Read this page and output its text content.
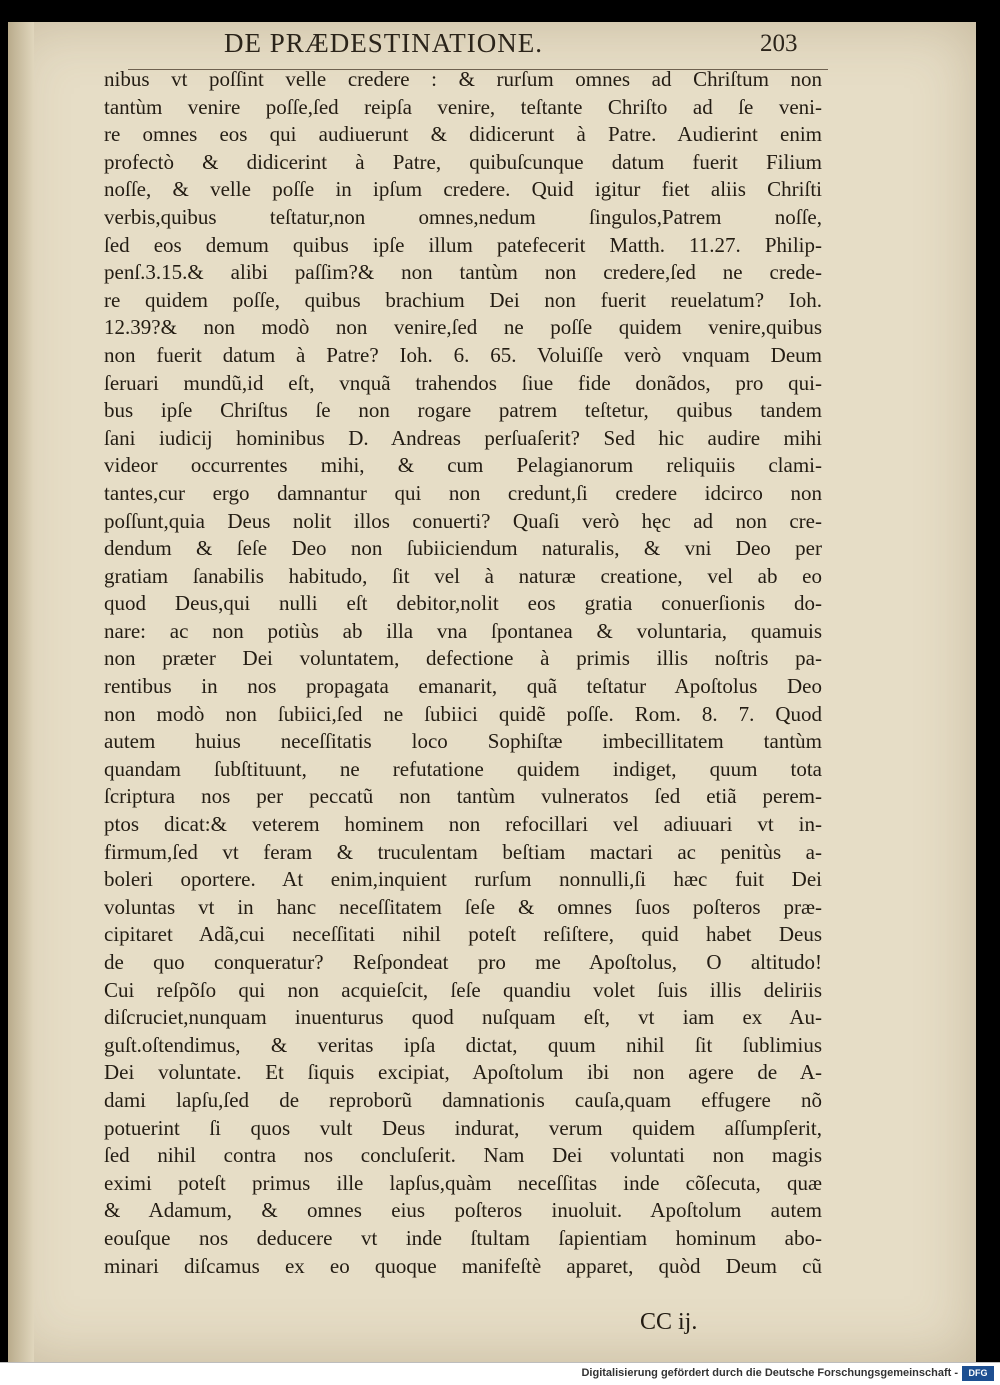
DE PRÆDESTINATIONE.	203
nibus vt poſſint velle credere : & rurſum omnes ad Chriſtum non
tantùm venire poſſe,ſed reipſa venire, teſtante Chriſto ad ſe veni-
re omnes eos qui audiuerunt & didicerunt à Patre. Audierint enim
profectò & didicerint à Patre, quibuſcunque datum fuerit Filium
noſſe, & velle poſſe in ipſum credere. Quid igitur fiet aliis Chriſti
verbis,quibus teſtatur,non omnes,nedum ſingulos,Patrem noſſe,
ſed eos demum quibus ipſe illum patefecerit Matth. 11.27. Philip-
penſ.3.15.& alibi paſſim?& non tantùm non credere,ſed ne crede-
re quidem poſſe, quibus brachium Dei non fuerit reuelatum? Ioh.
12.39?& non modò non venire,ſed ne poſſe quidem venire,quibus
non fuerit datum à Patre? Ioh. 6. 65. Voluiſſe verò vnquam Deum
ſeruari mundũ,id eſt, vnquã trahendos ſiue fide donãdos, pro qui-
bus ipſe Chriſtus ſe non rogare patrem teſtetur, quibus tandem
ſani iudicij hominibus D. Andreas perſuaſerit? Sed hic audire mihi
videor occurrentes mihi, & cum Pelagianorum reliquiis clami-
tantes,cur ergo damnantur qui non credunt,ſi credere idcirco non
poſſunt,quia Deus nolit illos conuerti? Quaſi verò hęc ad non cre-
dendum & ſeſe Deo non ſubiiciendum naturalis, & vni Deo per
gratiam ſanabilis habitudo, ſit vel à naturæ creatione, vel ab eo
quod Deus,qui nulli eſt debitor,nolit eos gratia conuerſionis do-
nare: ac non potiùs ab illa vna ſpontanea & voluntaria, quamuis
non præter Dei voluntatem, defectione à primis illis noſtris pa-
rentibus in nos propagata emanarit, quã teſtatur Apoſtolus Deo
non modò non ſubiici,ſed ne ſubiici quidẽ poſſe. Rom. 8. 7. Quod
autem huius neceſſitatis loco Sophiſtæ imbecillitatem tantùm
quandam ſubſtituunt, ne refutatione quidem indiget, quum tota
ſcriptura nos per peccatũ non tantùm vulneratos ſed etiã perem-
ptos dicat:& veterem hominem non refocillari vel adiuuari vt in-
firmum,ſed vt feram & truculentam beſtiam mactari ac penitùs a-
boleri oportere. At enim,inquient rurſum nonnulli,ſi hæc fuit Dei
voluntas vt in hanc neceſſitatem ſeſe & omnes ſuos poſteros præ-
cipitaret Adã,cui neceſſitati nihil poteſt reſiſtere, quid habet Deus
de quo conqueratur? Reſpondeat pro me Apoſtolus, O altitudo!
Cui reſpõſo qui non acquieſcit, ſeſe quandiu volet ſuis illis deliriis
diſcruciet,nunquam inuenturus quod nuſquam eſt, vt iam ex Au-
guſt.oſtendimus, & veritas ipſa dictat, quum nihil ſit ſublimius
Dei voluntate. Et ſiquis excipiat, Apoſtolum ibi non agere de A-
dami lapſu,ſed de reproborũ damnationis cauſa,quam effugere nõ
potuerint ſi quos vult Deus indurat, verum quidem aſſumpſerit,
ſed nihil contra nos concluſerit. Nam Dei voluntati non magis
eximi poteſt primus ille lapſus,quàm neceſſitas inde cõſecuta, quæ
& Adamum, & omnes eius poſteros inuoluit. Apoſtolum autem
eouſque nos deducere vt inde ſtultam ſapientiam hominum abo-
minari diſcamus ex eo quoque manifeſtè apparet, quòd Deum cũ
CC ij.
Digitalisierung gefördert durch die Deutsche Forschungsgemeinschaft -	DFG
